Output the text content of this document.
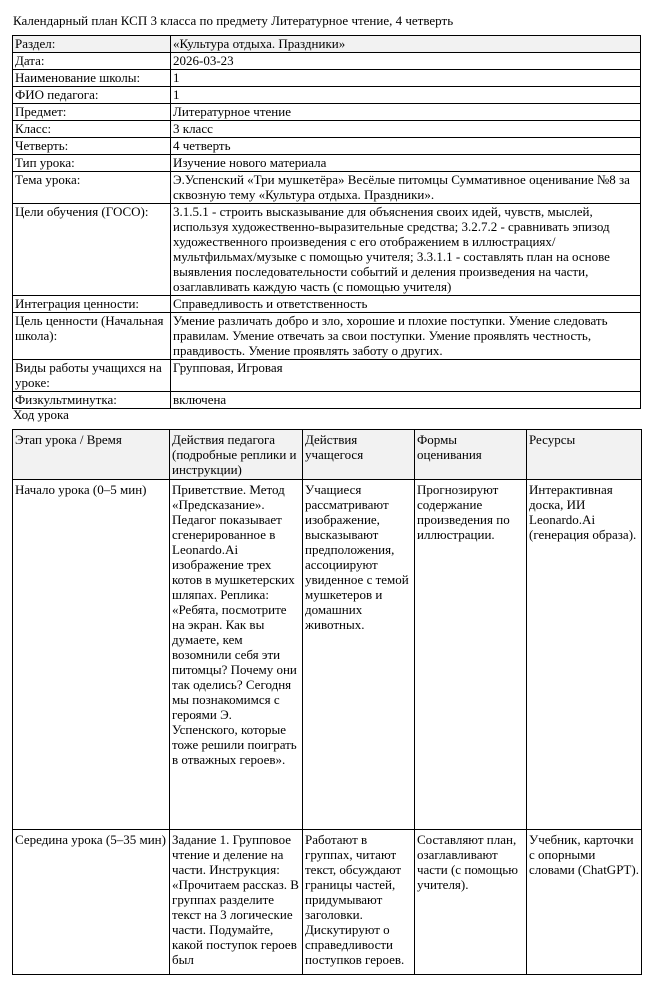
Календарный план КСП 3 класса по предмету Литературное чтение, 4 четверть
Раздел:	«Культура отдыха. Праздники»
Дата:	2026-03-23
Наименование школы:	1
ФИО педагога:	1
Предмет:	Литературное чтение
Класс:	3 класс
Четверть:	4 четверть
Тип урока:	Изучение нового материала
Тема урока:	Э.Успенский «Три мушкетёра» Весёлые питомцы Суммативное оценивание №8 за сквозную тему «Культура отдыха. Праздники».
Цели обучения (ГОСО):	3.1.5.1 - строить высказывание для объяснения своих идей, чувств, мыслей, используя художественно-выразительные средства; 3.2.7.2 - сравнивать эпизод художественного произведения с его отображением в иллюстрациях/мультфильмах/музыке с помощью учителя; 3.3.1.1 - составлять план на основе выявления последовательности событий и деления произведения на части, озаглавливать каждую часть (с помощью учителя)
Интеграция ценности:	Справедливость и ответственность
Цель ценности (Начальная школа):	Умение различать добро и зло, хорошие и плохие поступки. Умение следовать правилам. Умение отвечать за свои поступки. Умение проявлять честность, правдивость. Умение проявлять заботу о других.
Виды работы учащихся на уроке:	Групповая, Игровая
Физкультминутка:	включена
Ход урока
Этап урока / Время	Действия педагога (подробные реплики и инструкции)	Действия учащегося	Формы оценивания	Ресурсы
Начало урока (0–5 мин)	Приветствие. Метод «Предсказание». Педагог показывает сгенерированное в Leonardo.Ai изображение трех котов в мушкетерских шляпах. Реплика: «Ребята, посмотрите на экран. Как вы думаете, кем возомнили себя эти питомцы? Почему они так оделись? Сегодня мы познакомимся с героями Э. Успенского, которые тоже решили поиграть в отважных героев».	Учащиеся рассматривают изображение, высказывают предположения, ассоциируют увиденное с темой мушкетеров и домашних животных.	Прогнозируют содержание произведения по иллюстрации.	Интерактивная доска, ИИ Leonardo.Ai (генерация образа).
Середина урока (5–35 мин)	Задание 1. Групповое чтение и деление на части. Инструкция: «Прочитаем рассказ. В группах разделите текст на 3 логические части. Подумайте, какой поступок героев был	Работают в группах, читают текст, обсуждают границы частей, придумывают заголовки. Дискутируют о справедливости поступков героев.	Составляют план, озаглавливают части (с помощью учителя).	Учебник, карточки с опорными словами (ChatGPT).
